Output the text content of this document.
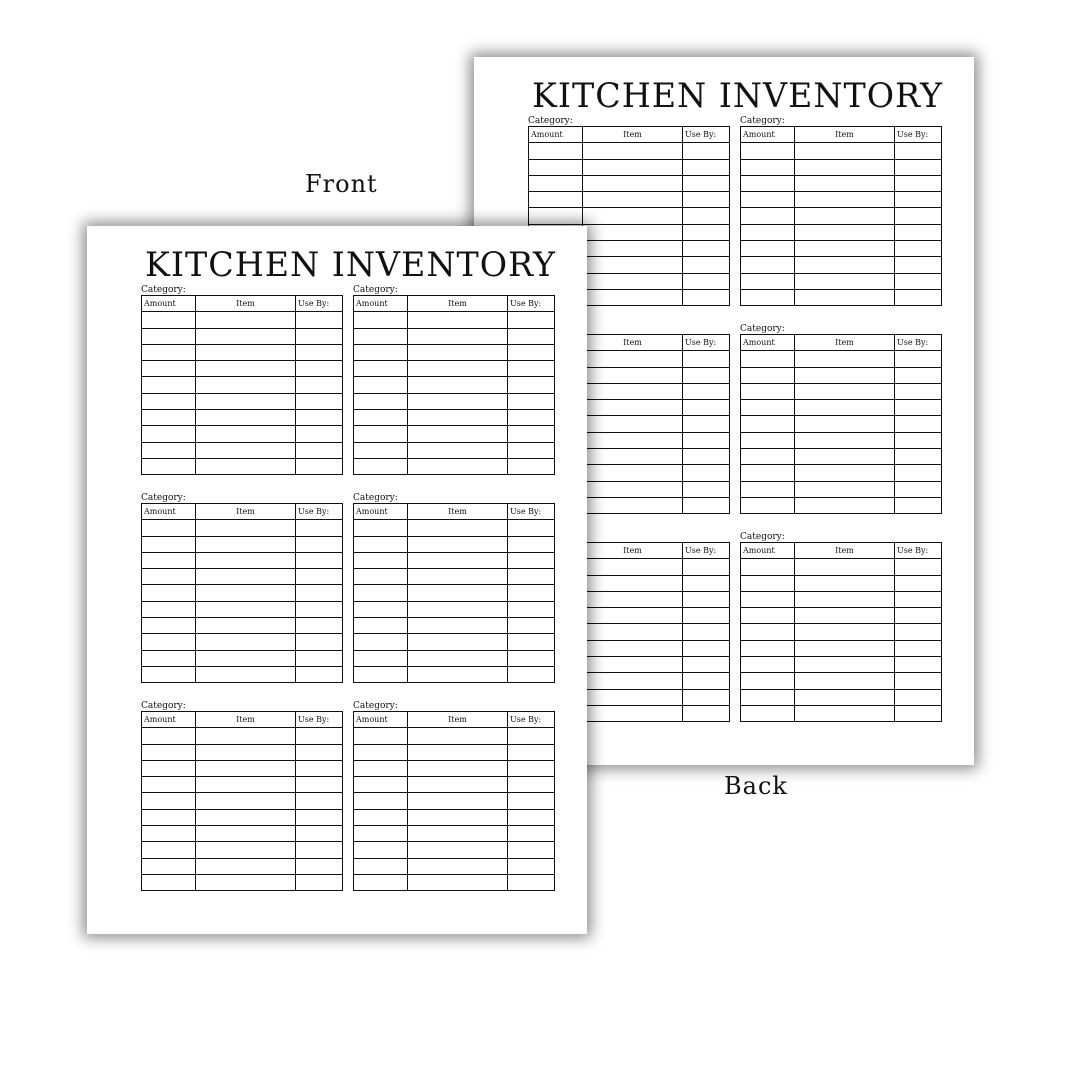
Front
Back
KITCHEN INVENTORY
Category:
Amount	Item	Use By:

Category:
Amount	Item	Use By:

	Item	Use By:

Category:
Amount	Item	Use By:

	Item	Use By:

Category:
Amount	Item	Use By:

KITCHEN INVENTORY
Category:
Amount	Item	Use By:

Category:
Amount	Item	Use By:

Category:
Amount	Item	Use By:

Category:
Amount	Item	Use By:

Category:
Amount	Item	Use By:

Category:
Amount	Item	Use By:
